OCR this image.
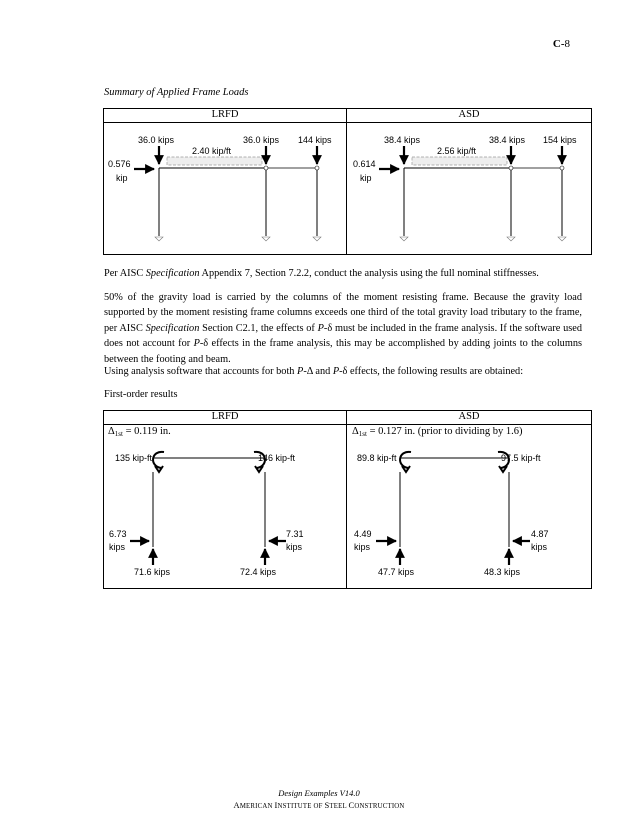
C-8
Summary of Applied Frame Loads
LRFD	ASD
36.0 kips	36.0 kips 144 kips
2.40 kip/ft
0.576
kip
38.4 kips	38.4 kips 154 kips
2.56 kip/ft
0.614
kip
Per AISC Specification Appendix 7, Section 7.2.2, conduct the analysis using the full nominal stiffnesses.
50% of the gravity load is carried by the columns of the moment resisting frame. Because the gravity load supported by the moment resisting frame columns exceeds one third of the total gravity load tributary to the frame, per AISC Specification Section C2.1, the effects of P-δ must be included in the frame analysis. If the software used does not account for P-δ effects in the frame analysis, this may be accomplished by adding joints to the columns between the footing and beam.
Using analysis software that accounts for both P-Δ and P-δ effects, the following results are obtained:
First-order results
LRFD	ASD
$\Delta_{1st} = 0.119$ in.	$\Delta_{1st} = 0.127$ in. (prior to dividing by 1.6)
135 kip-ft	146 kip-ft
6.73
kips
7.31
kips
71.6 kips	72.4 kips
89.8 kip-ft	97.5 kip-ft
4.49
kips
4.87
kips
47.7 kips	48.3 kips
Design Examples V14.0
AMERICAN INSTITUTE OF STEEL CONSTRUCTION
